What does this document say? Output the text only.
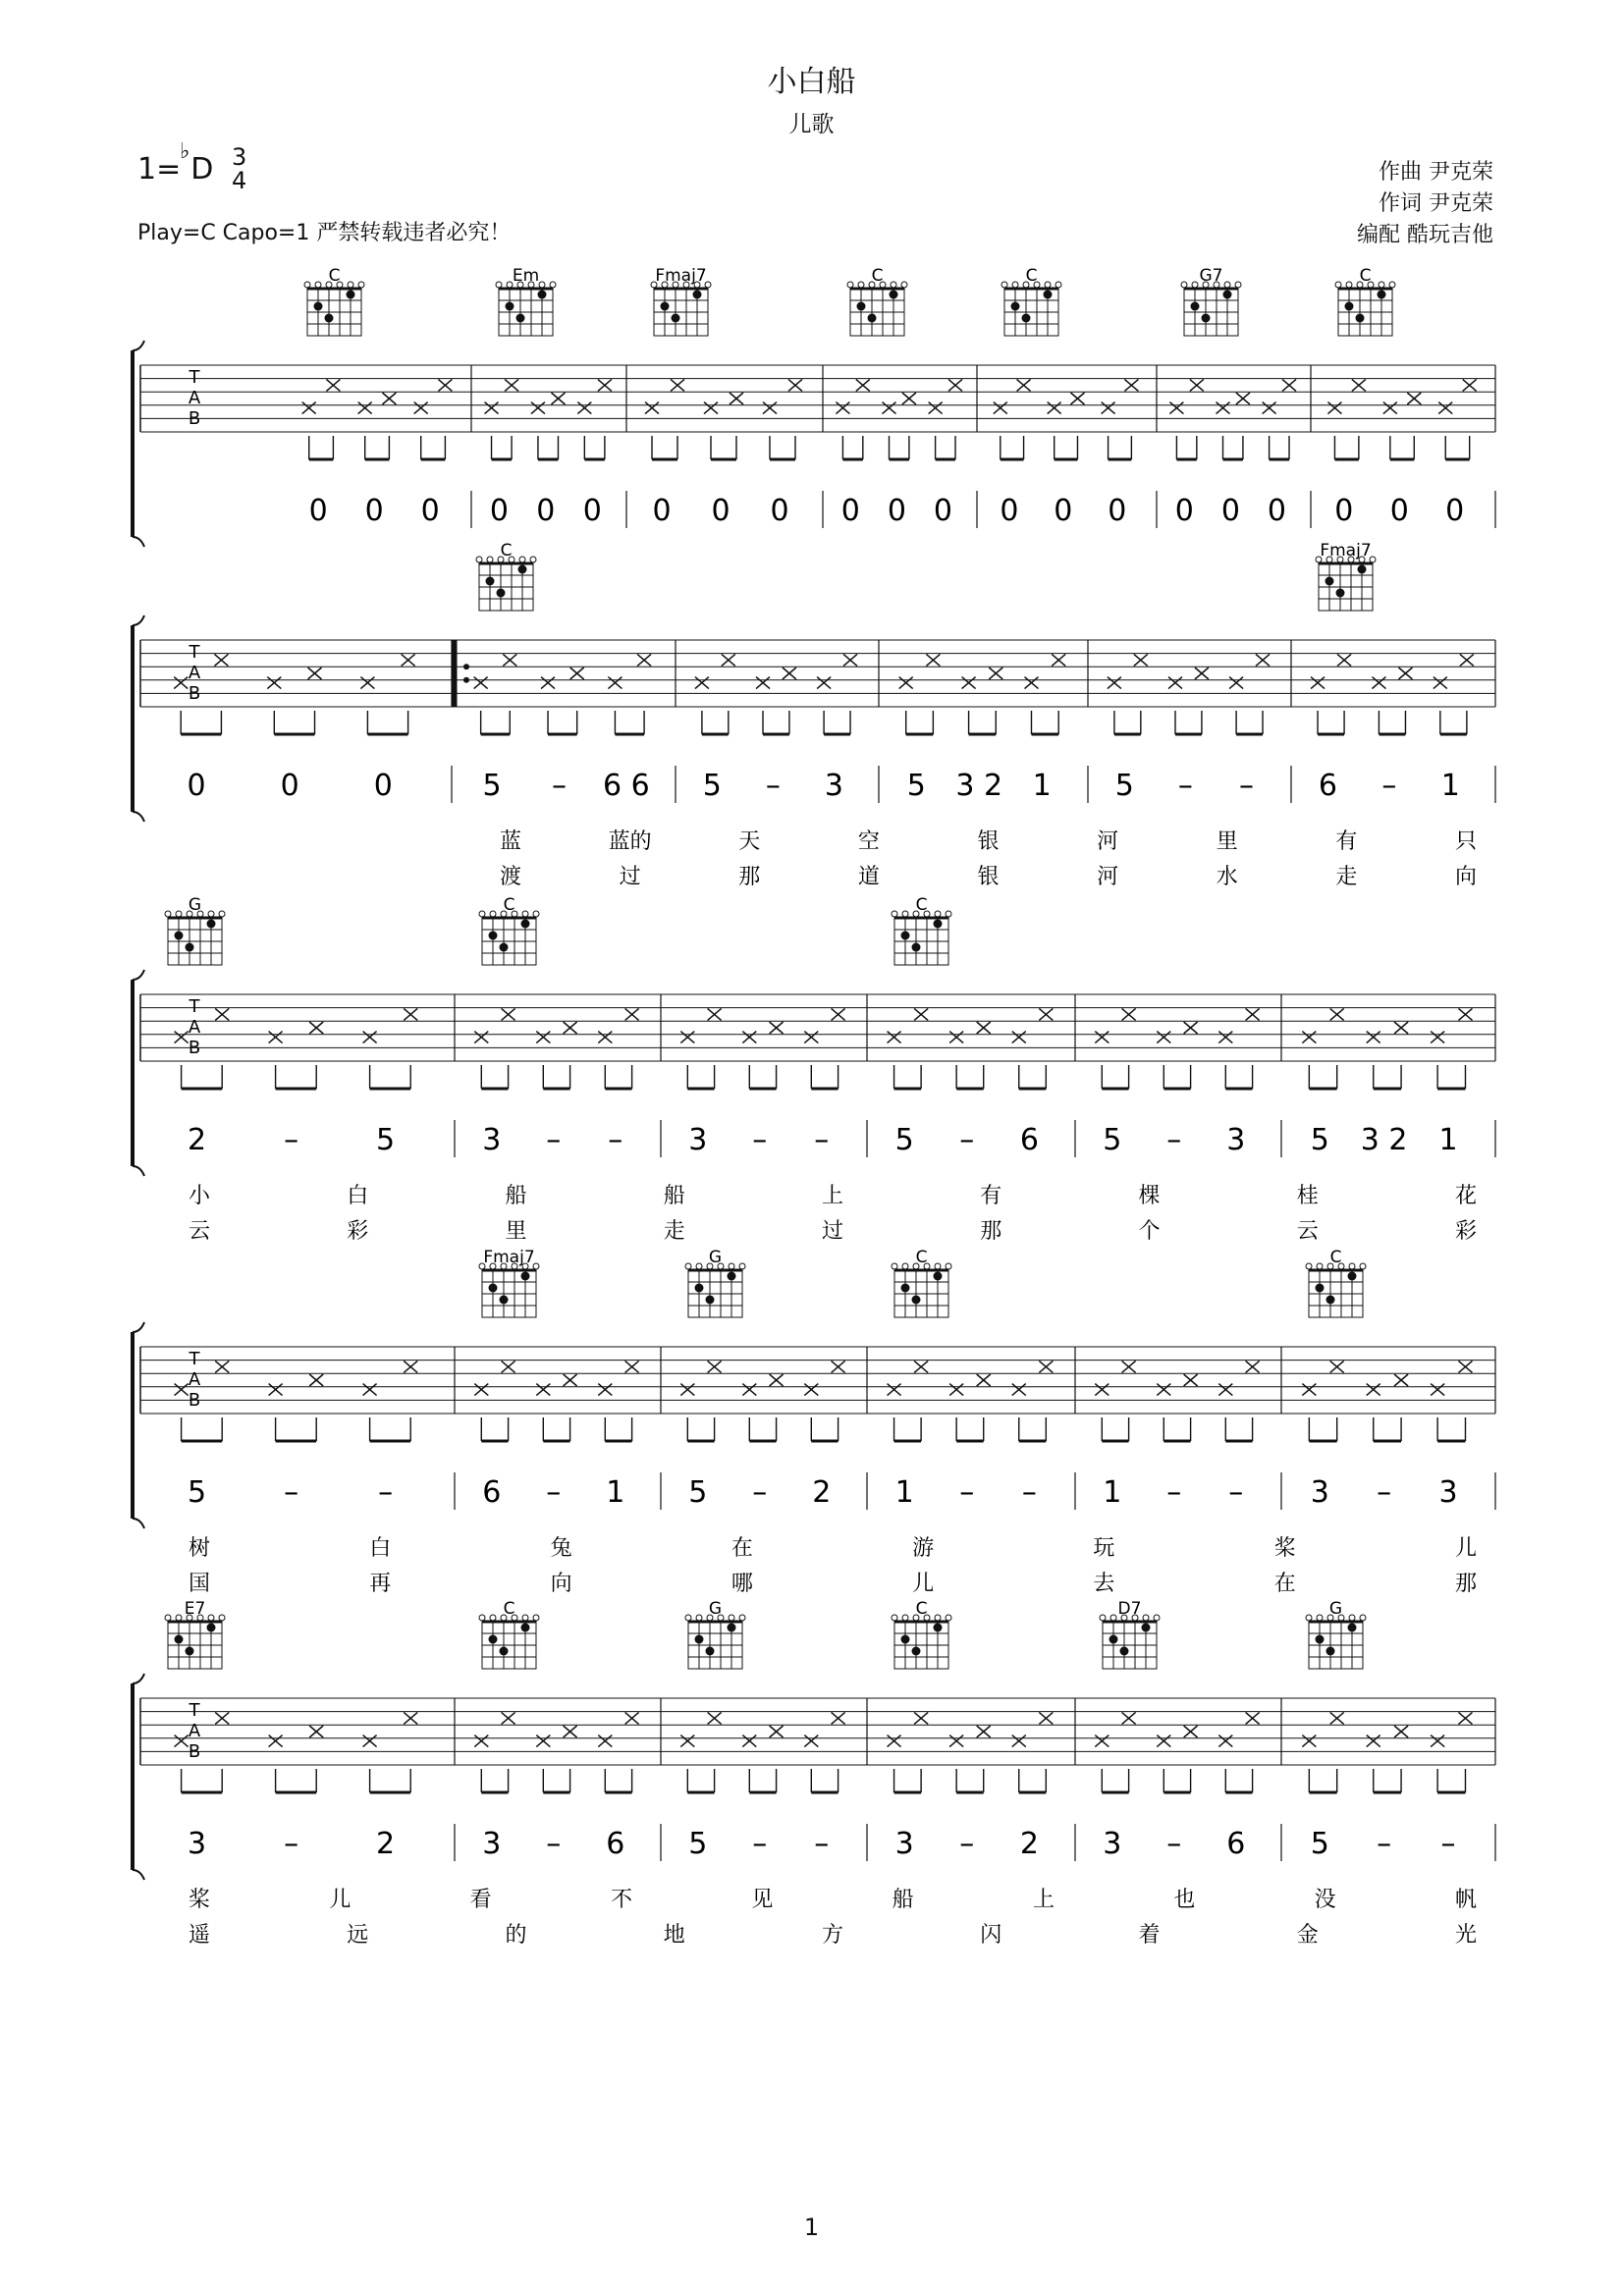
小白船
儿歌
1= D
♭ 3
4
Play=C Capo=1 严禁转载违者必究！
作曲 尹克荣
作词 尹克荣
编配 酷玩吉他
T
A
B
C	Em	Fmaj7	C	C	G7	C
0 0 0 0 0 0 0 0 0 0 0 0 0 0 0 0 0 0 0 0 0
T
A
B
C	Fmaj7
0	0	0	5 – 6 6 5 – 3 5 3 2 1 5 – – 6 – 1
蓝	蓝的	天	空	银	河	里	有	只
渡	过	那	道	银	河	水	走	向
T
A
B
G	C	C
2	–	5	3 – – 3 – – 5 – 6 5 – 3 5 3 2 1
小	白	船	船	上	有	棵	桂	花
云	彩	里	走	过	那	个	云	彩
T
A
B
Fmaj7	G	C	C
5	–	–	6 – 1 5 – 2 1 – – 1 – – 3 – 3
树	白	兔	在	游	玩	桨	儿
国	再	向	哪	儿	去	在	那
T
A
B
E7	C	G	C	D7	G
3	–	2	3 – 6 5 – – 3 – 2 3 – 6 5 – –
桨	儿	看	不	见	船	上	也	没	帆
遥	远	的	地	方	闪	着	金	光
1
